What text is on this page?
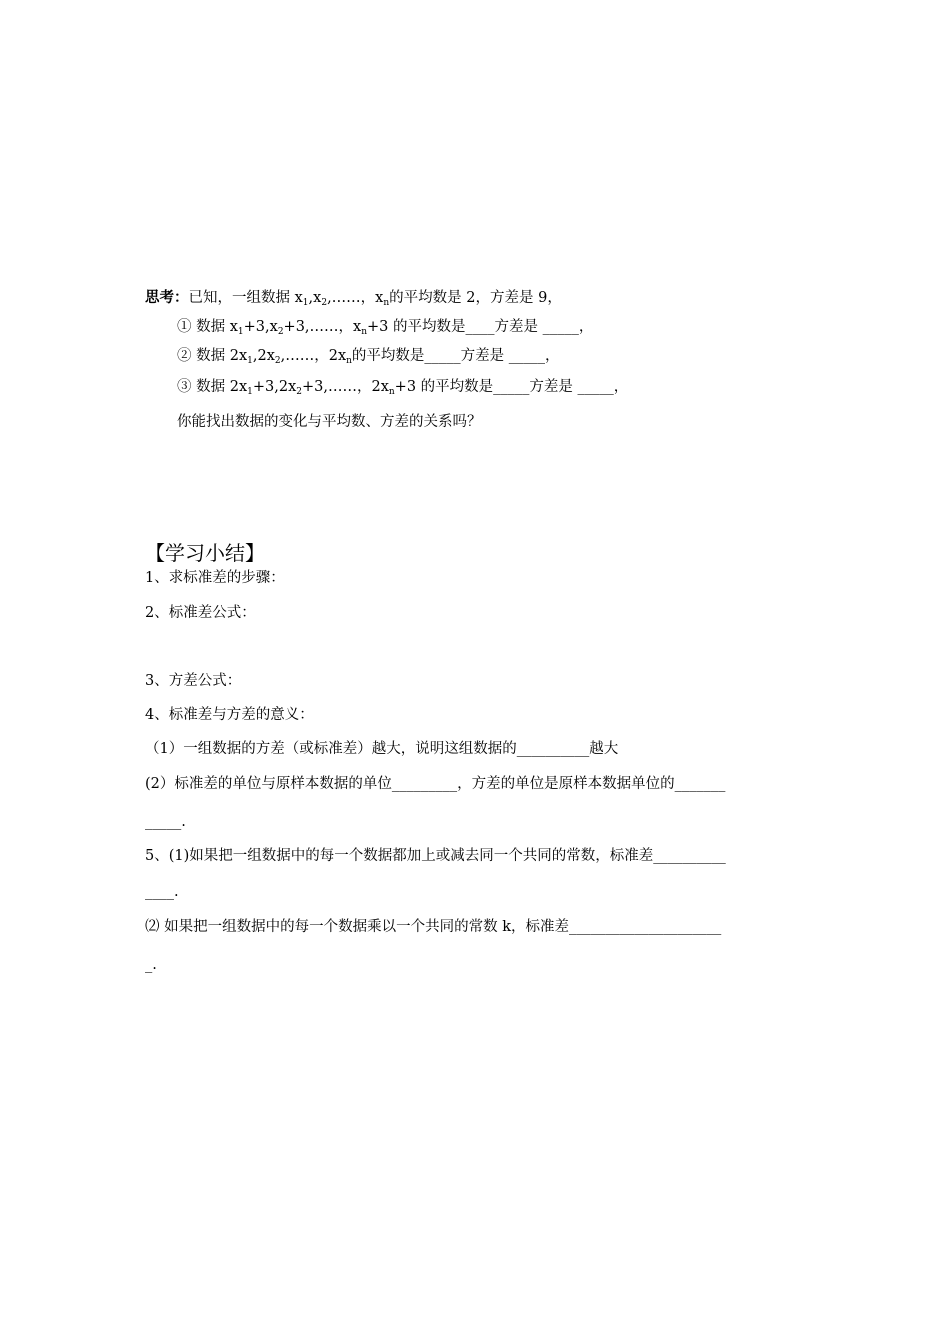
思考：已知，一组数据 $x_1,x_2,\dots\dots$，$x_n$的平均数是 2，方差是 9，
① 数据 $x_1+3,x_2+3,\dots\dots$，$x_n+3$ 的平均数是____方差是 _____，
② 数据 $2x_1,2x_2,\dots\dots$，$2x_n$的平均数是_____方差是 _____，
③ 数据 $2x_1+3,2x_2+3,\dots\dots$，$2x_n+3$ 的平均数是_____方差是 _____，
你能找出数据的变化与平均数、方差的关系吗？
【学习小结】
1、求标准差的步骤：
2、标准差公式：
3、方差公式：
4、标准差与方差的意义：
（1）一组数据的方差（或标准差）越大，说明这组数据的__________越大
(2）标准差的单位与原样本数据的单位_________，方差的单位是原样本数据单位的_______
_____.
5、(1)如果把一组数据中的每一个数据都加上或减去同一个共同的常数，标准差__________
____.
⑵ 如果把一组数据中的每一个数据乘以一个共同的常数 k，标准差_____________________
_.
